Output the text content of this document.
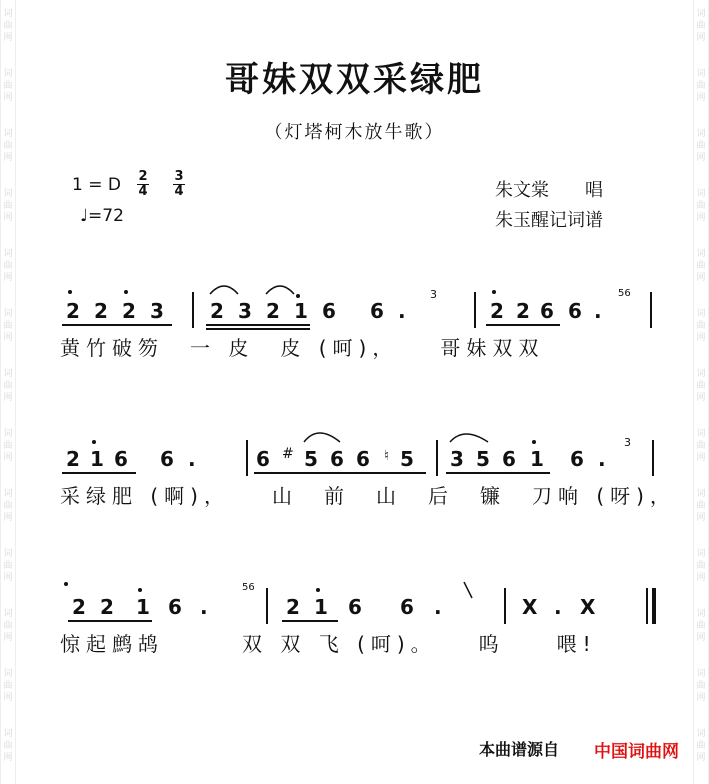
词
曲
网
词
曲
网
词
曲
网
词
曲
网
词
曲
网
词
曲
网
词
曲
网
词
曲
网
词
曲
网
词
曲
网
词
曲
网
词
曲
网
词
曲
网
词
曲
网
词
曲
网
词
曲
网
词
曲
网
词
曲
网
词
曲
网
词
曲
网
词
曲
网
词
曲
网
词
曲
网
词
曲
网
词
曲
网
词
曲
网
哥妹双双采绿肥
（灯塔柯木放牛歌）
1 = D $\frac{2}{4} \frac{3}{4}$
♩=72
朱文棠　　唱
朱玉醒记词谱
2 2 2 3 2 3 2 1 6 6 .	2 2 6 6 .
3	56
黄竹破笏　一 皮　皮 (呵)，　　哥妹双双
2 1 6 6 .	6 5 6 6 5 3 5 6 1 6 .
#	♮
3
采绿肥 (啊)，　　山　前　山　后　镰　刀响 (呀)，
2 2 1 6 .	2 1 6 6 .	X . X
56
惊起鹧鸪　　　双 双 飞 (呵)。　　呜　　喂!
本曲谱源自 中国词曲网
